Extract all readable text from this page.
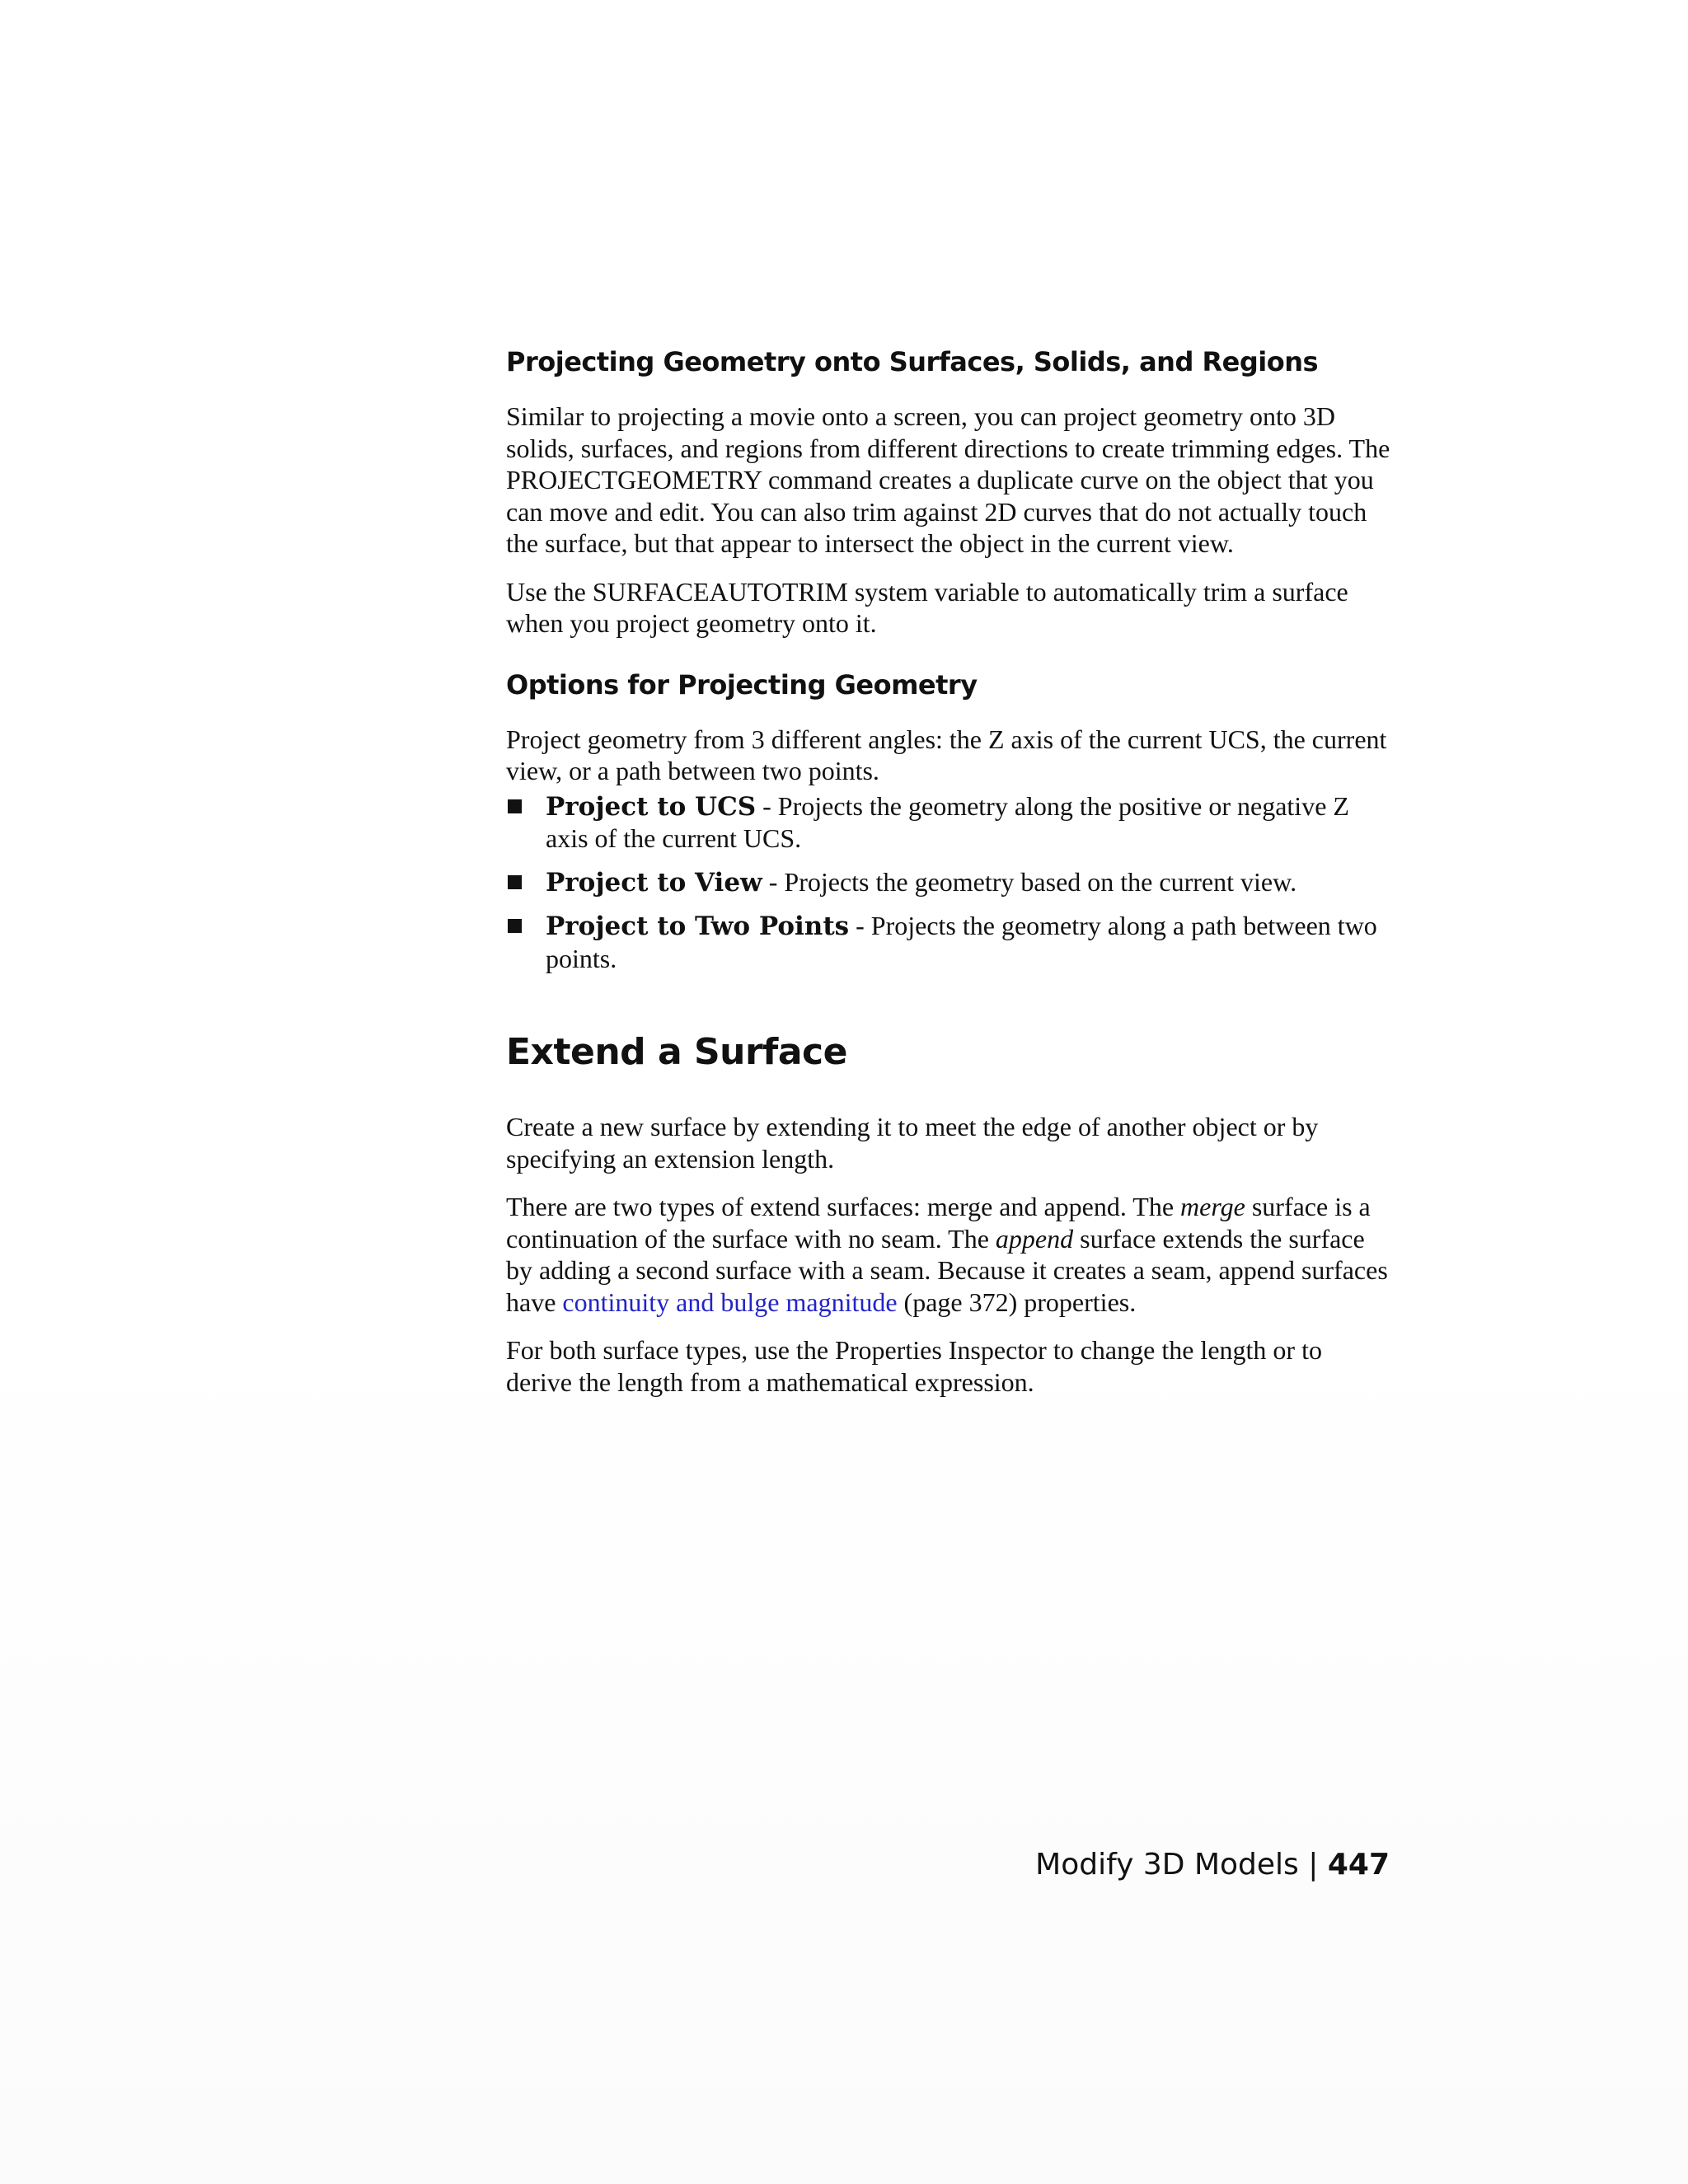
Projecting Geometry onto Surfaces, Solids, and Regions

Similar to projecting a movie onto a screen, you can project geometry onto 3D solids, surfaces, and regions from different directions to create trimming edges. The PROJECTGEOMETRY command creates a duplicate curve on the object that you can move and edit. You can also trim against 2D curves that do not actually touch the surface, but that appear to intersect the object in the current view.

Use the SURFACEAUTOTRIM system variable to automatically trim a surface when you project geometry onto it.

Options for Projecting Geometry

Project geometry from 3 different angles: the Z axis of the current UCS, the current view, or a path between two points.

Project to UCS - Projects the geometry along the positive or negative Z axis of the current UCS.
Project to View - Projects the geometry based on the current view.
Project to Two Points - Projects the geometry along a path between two points.
Extend a Surface

Create a new surface by extending it to meet the edge of another object or by specifying an extension length.

There are two types of extend surfaces: merge and append. The merge surface is a continuation of the surface with no seam. The append surface extends the surface by adding a second surface with a seam. Because it creates a seam, append surfaces have continuity and bulge magnitude (page 372) properties.

For both surface types, use the Properties Inspector to change the length or to derive the length from a mathematical expression.

Modify 3D Models | 447
